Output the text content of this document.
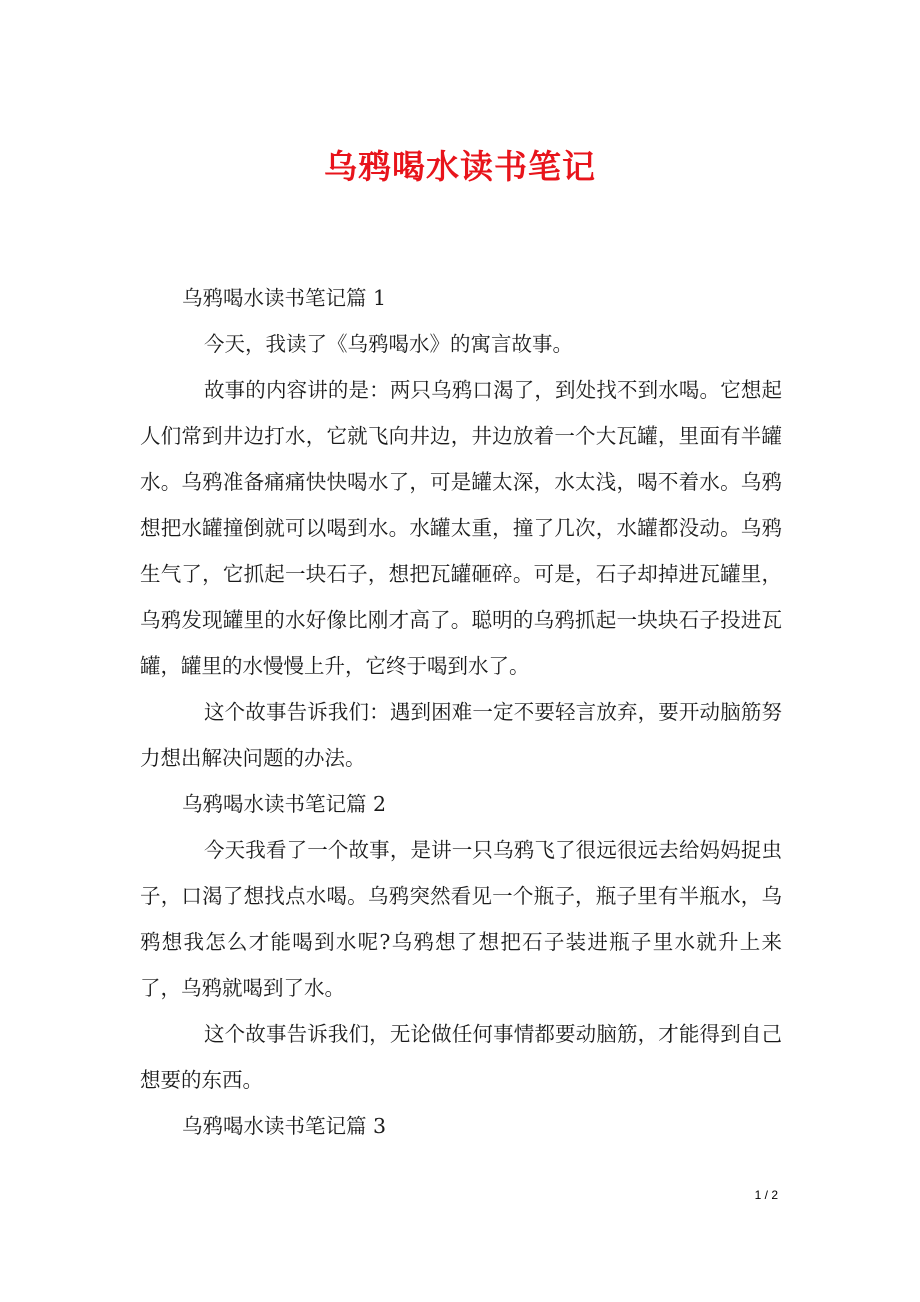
乌鸦喝水读书笔记

乌鸦喝水读书笔记篇 1

今天，我读了《乌鸦喝水》的寓言故事。

故事的内容讲的是：两只乌鸦口渴了，到处找不到水喝。它想起人们常到井边打水，它就飞向井边，井边放着一个大瓦罐，里面有半罐水。乌鸦准备痛痛快快喝水了，可是罐太深，水太浅，喝不着水。乌鸦想把水罐撞倒就可以喝到水。水罐太重，撞了几次，水罐都没动。乌鸦生气了，它抓起一块石子，想把瓦罐砸碎。可是，石子却掉进瓦罐里，乌鸦发现罐里的水好像比刚才高了。聪明的乌鸦抓起一块块石子投进瓦罐，罐里的水慢慢上升，它终于喝到水了。

这个故事告诉我们：遇到困难一定不要轻言放弃，要开动脑筋努力想出解决问题的办法。

乌鸦喝水读书笔记篇 2

今天我看了一个故事，是讲一只乌鸦飞了很远很远去给妈妈捉虫子，口渴了想找点水喝。乌鸦突然看见一个瓶子，瓶子里有半瓶水，乌鸦想我怎么才能喝到水呢?乌鸦想了想把石子装进瓶子里水就升上来了，乌鸦就喝到了水。

这个故事告诉我们，无论做任何事情都要动脑筋，才能得到自己想要的东西。

乌鸦喝水读书笔记篇 3

1 / 2
